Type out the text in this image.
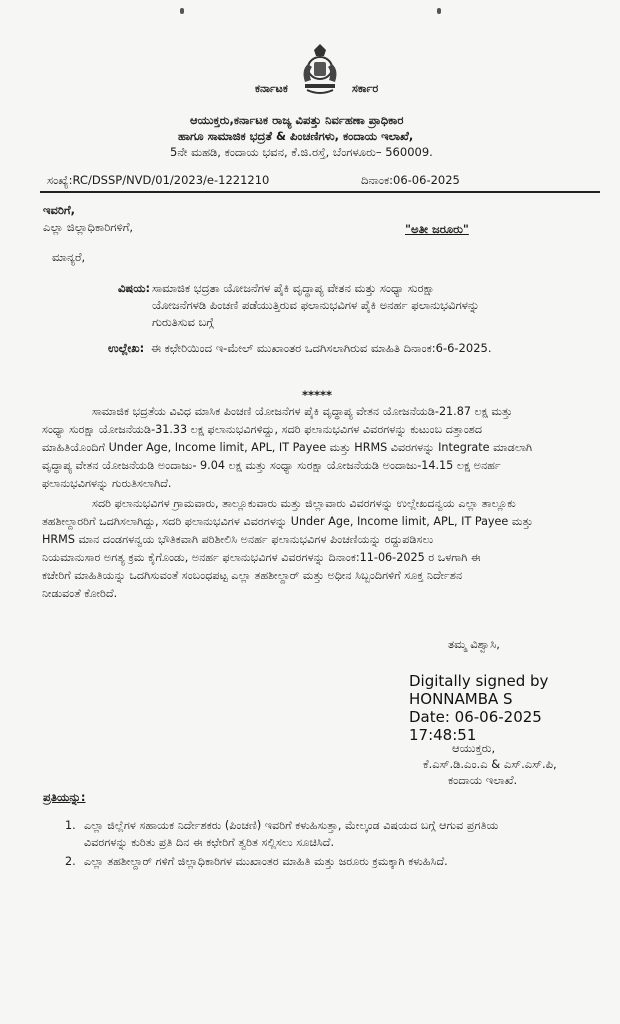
ಕರ್ನಾಟಕ	ಸರ್ಕಾರ
ಆಯುಕ್ತರು,ಕರ್ನಾಟಕ ರಾಜ್ಯ ವಿಪತ್ತು ನಿರ್ವಹಣಾ ಪ್ರಾಧಿಕಾರ
ಹಾಗೂ ಸಾಮಾಜಿಕ ಭದ್ರತೆ & ಪಿಂಚಣಿಗಳು, ಕಂದಾಯ ಇಲಾಖೆ,
5ನೇ ಮಹಡಿ, ಕಂದಾಯ ಭವನ, ಕೆ.ಜಿ.ರಸ್ತೆ, ಬೆಂಗಳೂರು– 560009.
ಸಂಖ್ಯೆ:RC/DSSP/NVD/01/2023/e-1221210	ದಿನಾಂಕ:06-06-2025
ಇವರಿಗೆ,
ಎಲ್ಲಾ ಜಿಲ್ಲಾಧಿಕಾರಿಗಳಿಗೆ,	"ಅತೀ ಜರೂರು"
ಮಾನ್ಯರೆ,
ವಿಷಯ: ಸಾಮಾಜಿಕ ಭದ್ರತಾ ಯೋಜನೆಗಳ ಪೈಕಿ ವೃದ್ಧಾಪ್ಯ ವೇತನ ಮತ್ತು ಸಂಧ್ಯಾ ಸುರಕ್ಷಾ
ಯೋಜನೆಗಳಡಿ ಪಿಂಚಣಿ ಪಡೆಯುತ್ತಿರುವ ಫಲಾನುಭವಿಗಳ ಪೈಕಿ ಅನರ್ಹ ಫಲಾನುಭವಿಗಳನ್ನು
ಗುರುತಿಸುವ ಬಗ್ಗೆ
ಉಲ್ಲೇಖ: ಈ ಕಛೇರಿಯಿಂದ ಇ-ಮೇಲ್ ಮುಖಾಂತರ ಒದಗಿಸಲಾಗಿರುವ ಮಾಹಿತಿ ದಿನಾಂಕ:6-6-2025.
*****
ಸಾಮಾಜಿಕ ಭದ್ರತೆಯ ವಿವಿಧ ಮಾಸಿಕ ಪಿಂಚಣಿ ಯೋಜನೆಗಳ ಪೈಕಿ ವೃದ್ಧಾಪ್ಯ ವೇತನ ಯೋಜನೆಯಡಿ-21.87 ಲಕ್ಷ ಮತ್ತು
ಸಂಧ್ಯಾ ಸುರಕ್ಷಾ ಯೋಜನೆಯಡಿ-31.33 ಲಕ್ಷ ಫಲಾನುಭವಿಗಳಿದ್ದು, ಸದರಿ ಫಲಾನುಭವಿಗಳ ವಿವರಗಳನ್ನು ಕುಟುಂಬ ದತ್ತಾಂಶದ
ಮಾಹಿತಿಯೊಂದಿಗೆ Under Age, Income limit, APL, IT Payee ಮತ್ತು HRMS ವಿವರಗಳನ್ನು Integrate ಮಾಡಲಾಗಿ
ವೃದ್ಧಾಪ್ಯ ವೇತನ ಯೋಜನೆಯಡಿ ಅಂದಾಜು- 9.04 ಲಕ್ಷ ಮತ್ತು ಸಂಧ್ಯಾ ಸುರಕ್ಷಾ ಯೋಜನೆಯಡಿ ಅಂದಾಜು-14.15 ಲಕ್ಷ ಅನರ್ಹ
ಫಲಾನುಭವಿಗಳನ್ನು ಗುರುತಿಸಲಾಗಿದೆ.
ಸದರಿ ಫಲಾನುಭವಿಗಳ ಗ್ರಾಮವಾರು, ತಾಲ್ಲೂಕುವಾರು ಮತ್ತು ಜಿಲ್ಲಾವಾರು ವಿವರಗಳನ್ನು ಉಲ್ಲೇಖದನ್ವಯ ಎಲ್ಲಾ ತಾಲ್ಲೂಕು
ತಹಶೀಲ್ದಾರರಿಗೆ ಒದಗಿಸಲಾಗಿದ್ದು, ಸದರಿ ಫಲಾನುಭವಿಗಳ ವಿವರಗಳನ್ನು Under Age, Income limit, APL, IT Payee ಮತ್ತು
HRMS ಮಾನ ದಂಡಗಳನ್ವಯ ಭೌತಿಕವಾಗಿ ಪರಿಶೀಲಿಸಿ ಅನರ್ಹ ಫಲಾನುಭವಿಗಳ ಪಿಂಚಣಿಯನ್ನು ರದ್ದುಪಡಿಸಲು
ನಿಯಮಾನುಸಾರ ಅಗತ್ಯ ಕ್ರಮ ಕೈಗೊಂಡು, ಅನರ್ಹ ಫಲಾನುಭವಿಗಳ ವಿವರಗಳನ್ನು ದಿನಾಂಕ:11-06-2025 ರ ಒಳಗಾಗಿ ಈ
ಕಚೇರಿಗೆ ಮಾಹಿತಿಯನ್ನು ಒದಗಿಸುವಂತೆ ಸಂಬಂಧಪಟ್ಟ ಎಲ್ಲಾ ತಹಶೀಲ್ದಾರ್ ಮತ್ತು ಅಧೀನ ಸಿಬ್ಬಂದಿಗಳಿಗೆ ಸೂಕ್ತ ನಿರ್ದೇಶನ
ನೀಡುವಂತೆ ಕೋರಿದೆ.
ತಮ್ಮ ವಿಶ್ವಾಸಿ,
Digitally signed by
HONNAMBA S
Date: 06-06-2025
17:48:51
ಆಯುಕ್ತರು,
ಕೆ.ಎಸ್.ಡಿ.ಎಂ.ಎ & ಎಸ್.ಎಸ್.ಪಿ,
ಕಂದಾಯ ಇಲಾಖೆ.
ಪ್ರತಿಯನ್ನು:
1. ಎಲ್ಲಾ ಜಿಲ್ಲೆಗಳ ಸಹಾಯಕ ನಿರ್ದೇಶಕರು (ಪಿಂಚಣಿ) ಇವರಿಗೆ ಕಳುಹಿಸುತ್ತಾ, ಮೇಲ್ಕಂಡ ವಿಷಯದ ಬಗ್ಗೆ ಆಗುವ ಪ್ರಗತಿಯ
ವಿವರಗಳನ್ನು ಕುರಿತು ಪ್ರತಿ ದಿನ ಈ ಕಛೇರಿಗೆ ತ್ವರಿತ ಸಲ್ಲಿಸಲು ಸೂಚಿಸಿದೆ.
2. ಎಲ್ಲಾ ತಹಶೀಲ್ದಾರ್ ಗಳಿಗೆ ಜಿಲ್ಲಾಧಿಕಾರಿಗಳ ಮುಖಾಂತರ ಮಾಹಿತಿ ಮತ್ತು ಜರೂರು ಕ್ರಮಕ್ಕಾಗಿ ಕಳುಹಿಸಿದೆ.
